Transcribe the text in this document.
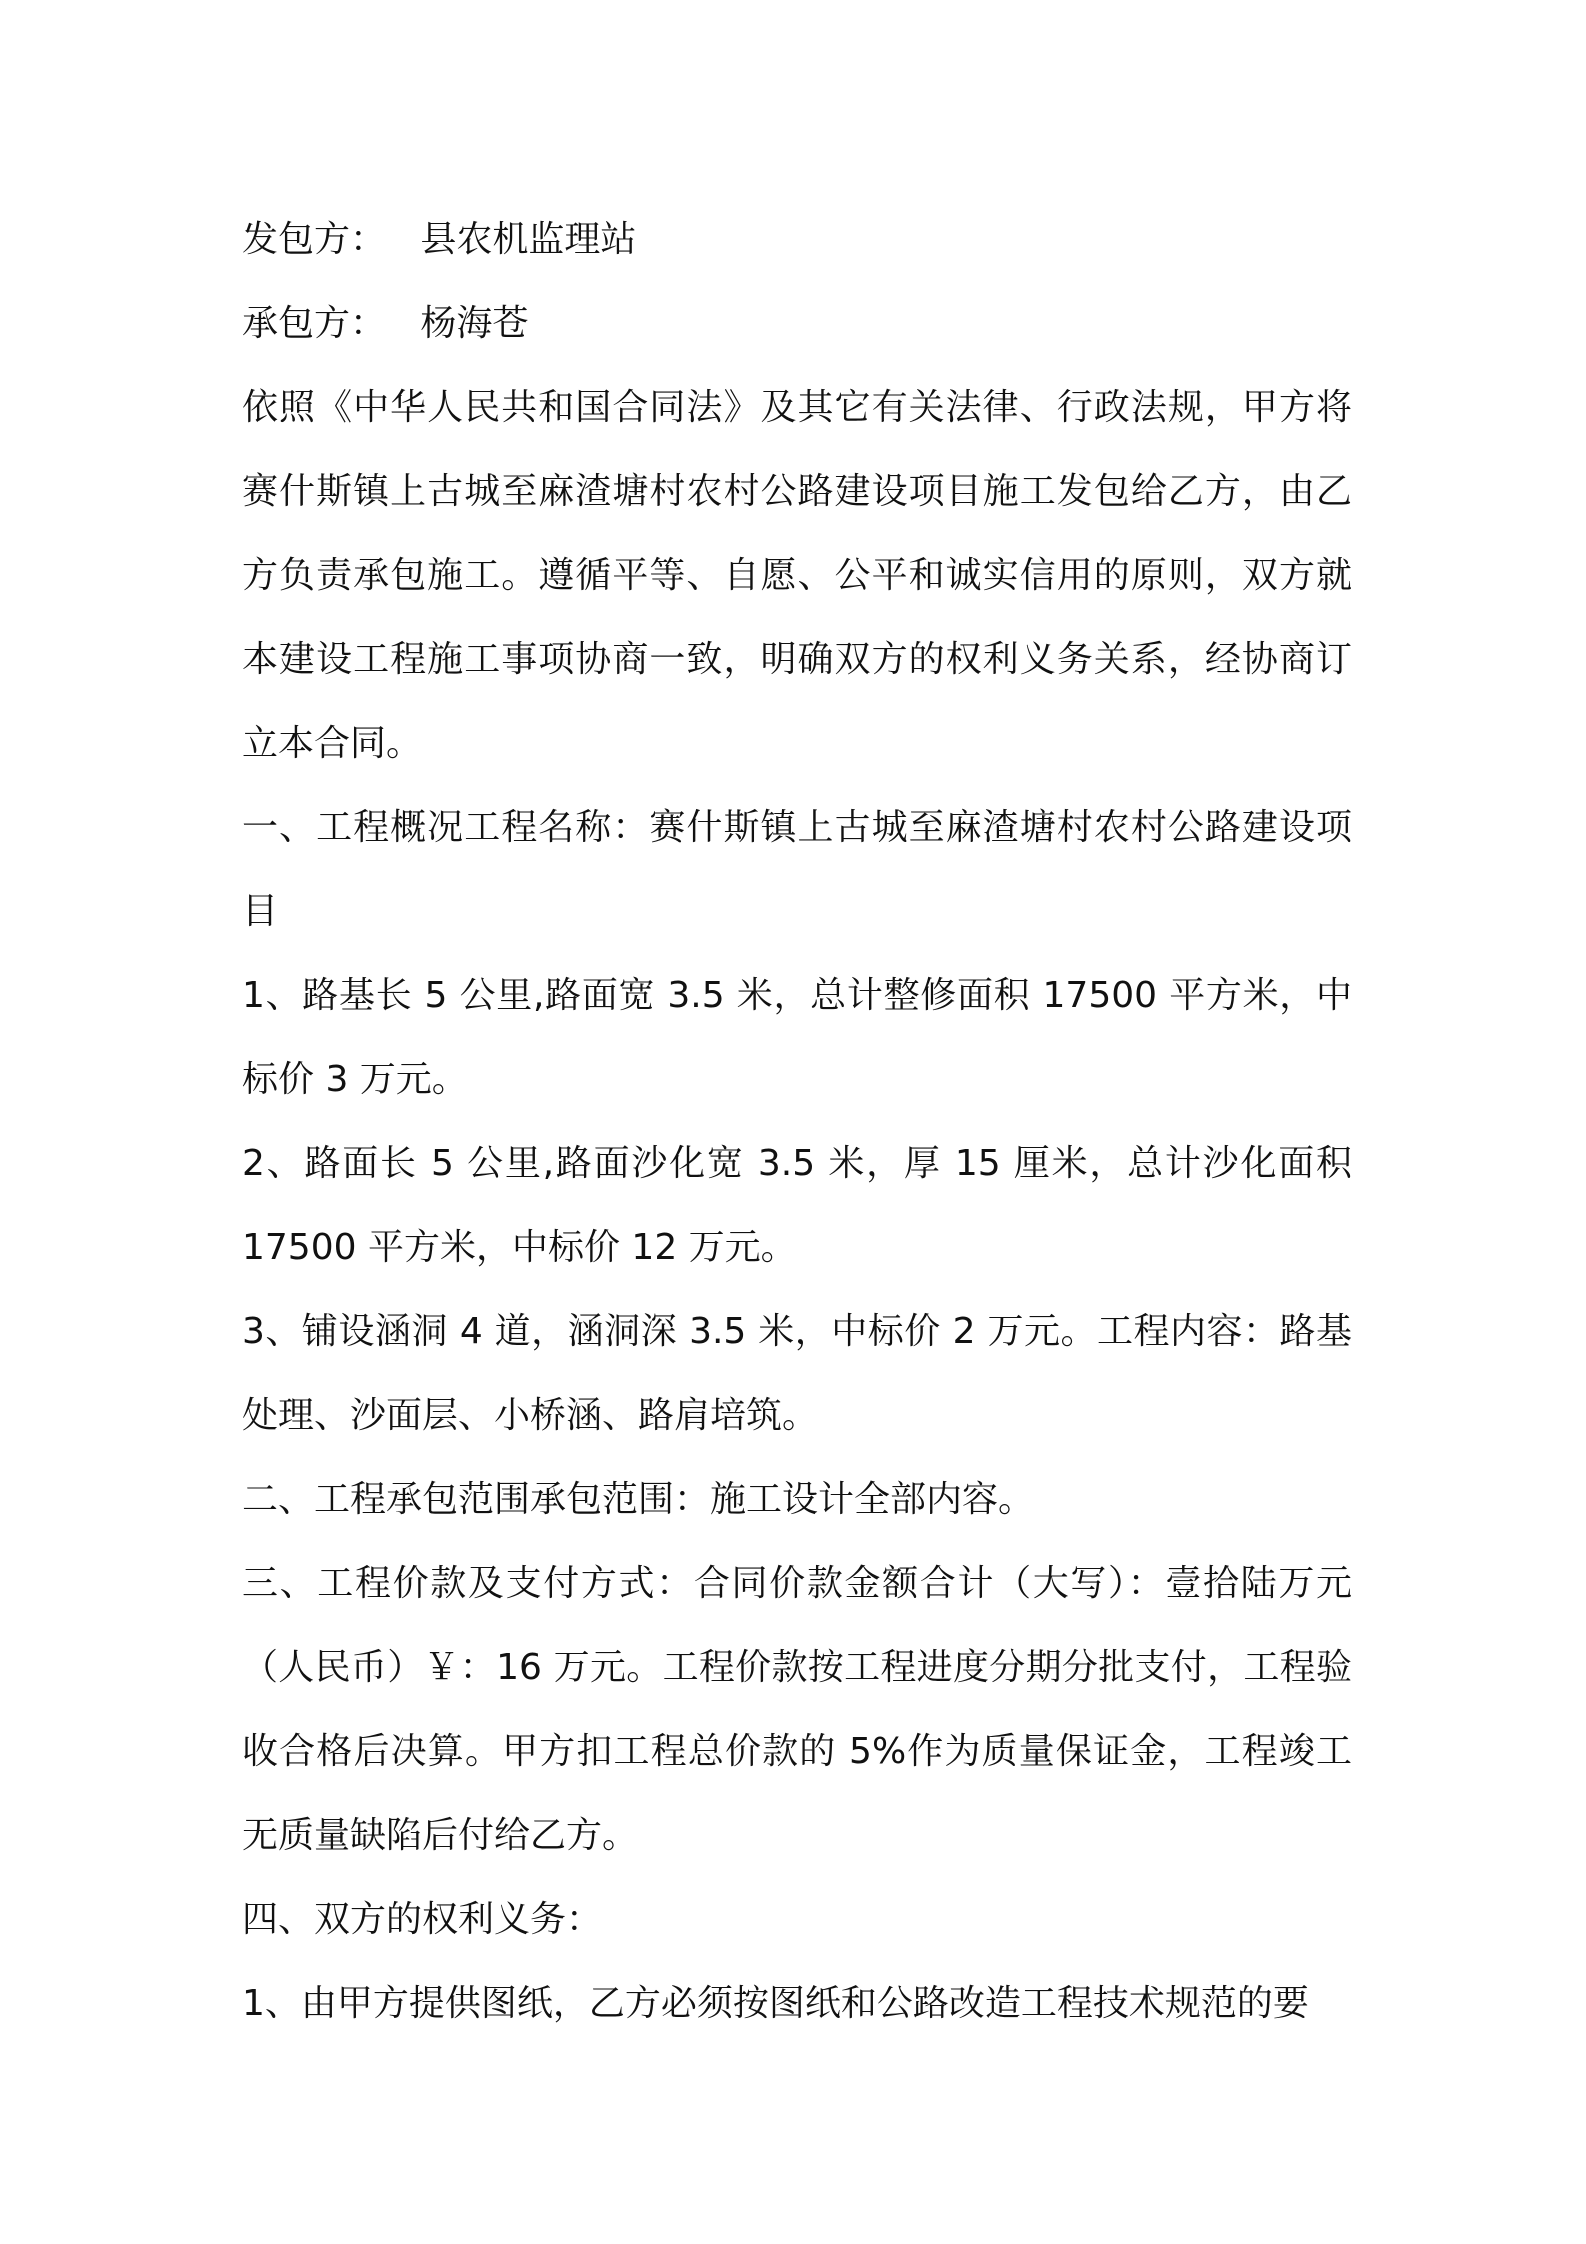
发包方： 县农机监理站

承包方： 杨海苍

依照《中华人民共和国合同法》及其它有关法律、行政法规，甲方将赛什斯镇上古城至麻渣塘村农村公路建设项目施工发包给乙方，由乙方负责承包施工。遵循平等、自愿、公平和诚实信用的原则，双方就本建设工程施工事项协商一致，明确双方的权利义务关系，经协商订立本合同。

一、工程概况工程名称：赛什斯镇上古城至麻渣塘村农村公路建设项目

1、路基长 5 公里,路面宽 3.5 米，总计整修面积 17500 平方米，中标价 3 万元。

2、路面长 5 公里,路面沙化宽 3.5 米，厚 15 厘米，总计沙化面积 17500 平方米，中标价 12 万元。

3、铺设涵洞 4 道，涵洞深 3.5 米，中标价 2 万元。工程内容：路基处理、沙面层、小桥涵、路肩培筑。

二、工程承包范围承包范围：施工设计全部内容。

三、工程价款及支付方式：合同价款金额合计（大写）：壹拾陆万元（人民币）￥：16 万元。工程价款按工程进度分期分批支付，工程验收合格后决算。甲方扣工程总价款的 5%作为质量保证金，工程竣工无质量缺陷后付给乙方。

四、双方的权利义务：

1、由甲方提供图纸，乙方必须按图纸和公路改造工程技术规范的要
